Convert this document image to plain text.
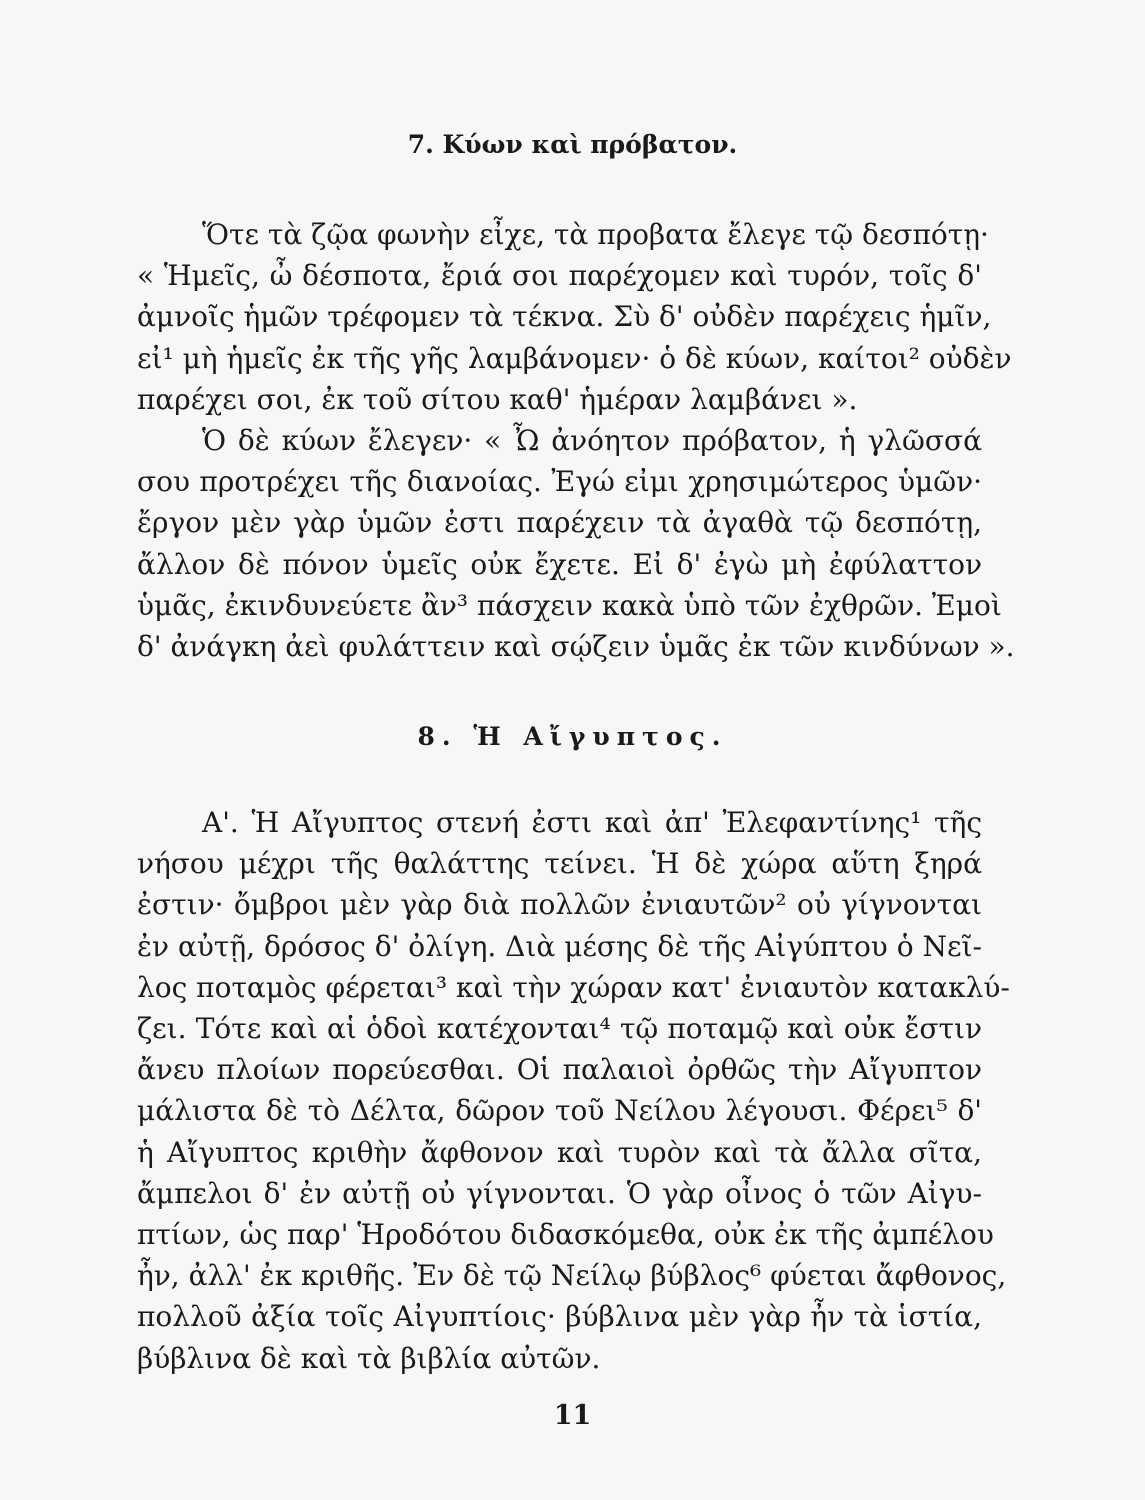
7. Κύων καὶ πρόβατον.
Ὅτε τὰ ζῷα φωνὴν εἶχε, τὰ προβατα ἔλεγε τῷ δεσπότῃ·
« Ἡμεῖς, ὦ δέσποτα, ἔριά σοι παρέχομεν καὶ τυρόν, τοῖς δ'
ἀμνοῖς ἡμῶν τρέφομεν τὰ τέκνα. Σὺ δ' οὐδὲν παρέχεις ἡμῖν,
εἰ¹ μὴ ἡμεῖς ἐκ τῆς γῆς λαμβάνομεν· ὁ δὲ κύων, καίτοι² οὐδὲν
παρέχει σοι, ἐκ τοῦ σίτου καθ' ἡμέραν λαμβάνει ».
Ὁ δὲ κύων ἔλεγεν· « Ὦ ἀνόητον πρόβατον, ἡ γλῶσσά
σου προτρέχει τῆς διανοίας. Ἐγώ εἰμι χρησιμώτερος ὑμῶν·
ἔργον μὲν γὰρ ὑμῶν ἐστι παρέχειν τὰ ἀγαθὰ τῷ δεσπότῃ,
ἄλλον δὲ πόνον ὑμεῖς οὐκ ἔχετε. Εἰ δ' ἐγὼ μὴ ἐφύλαττον
ὑμᾶς, ἐκινδυνεύετε ἂν³ πάσχειν κακὰ ὑπὸ τῶν ἐχθρῶν. Ἐμοὶ
δ' ἀνάγκη ἀεὶ φυλάττειν καὶ σῴζειν ὑμᾶς ἐκ τῶν κινδύνων ».
8. Ἡ Αἴγυπτος.
Α'. Ἡ Αἴγυπτος στενή ἐστι καὶ ἀπ' Ἐλεφαντίνης¹ τῆς
νήσου μέχρι τῆς θαλάττης τείνει. Ἡ δὲ χώρα αὕτη ξηρά
ἐστιν· ὄμβροι μὲν γὰρ διὰ πολλῶν ἐνιαυτῶν² οὐ γίγνονται
ἐν αὐτῇ, δρόσος δ' ὀλίγη. Διὰ μέσης δὲ τῆς Αἰγύπτου ὁ Νεῖ-
λος ποταμὸς φέρεται³ καὶ τὴν χώραν κατ' ἐνιαυτὸν κατακλύ-
ζει. Τότε καὶ αἱ ὁδοὶ κατέχονται⁴ τῷ ποταμῷ καὶ οὐκ ἔστιν
ἄνευ πλοίων πορεύεσθαι. Οἱ παλαιοὶ ὀρθῶς τὴν Αἴγυπτον
μάλιστα δὲ τὸ Δέλτα, δῶρον τοῦ Νείλου λέγουσι. Φέρει⁵ δ'
ἡ Αἴγυπτος κριθὴν ἄφθονον καὶ τυρὸν καὶ τὰ ἄλλα σῖτα,
ἄμπελοι δ' ἐν αὐτῇ οὐ γίγνονται. Ὁ γὰρ οἶνος ὁ τῶν Αἰγυ-
πτίων, ὡς παρ' Ἡροδότου διδασκόμεθα, οὐκ ἐκ τῆς ἀμπέλου
ἦν, ἀλλ' ἐκ κριθῆς. Ἐν δὲ τῷ Νείλῳ βύβλος⁶ φύεται ἄφθονος,
πολλοῦ ἀξία τοῖς Αἰγυπτίοις· βύβλινα μὲν γὰρ ἦν τὰ ἱστία,
βύβλινα δὲ καὶ τὰ βιβλία αὐτῶν.
11
